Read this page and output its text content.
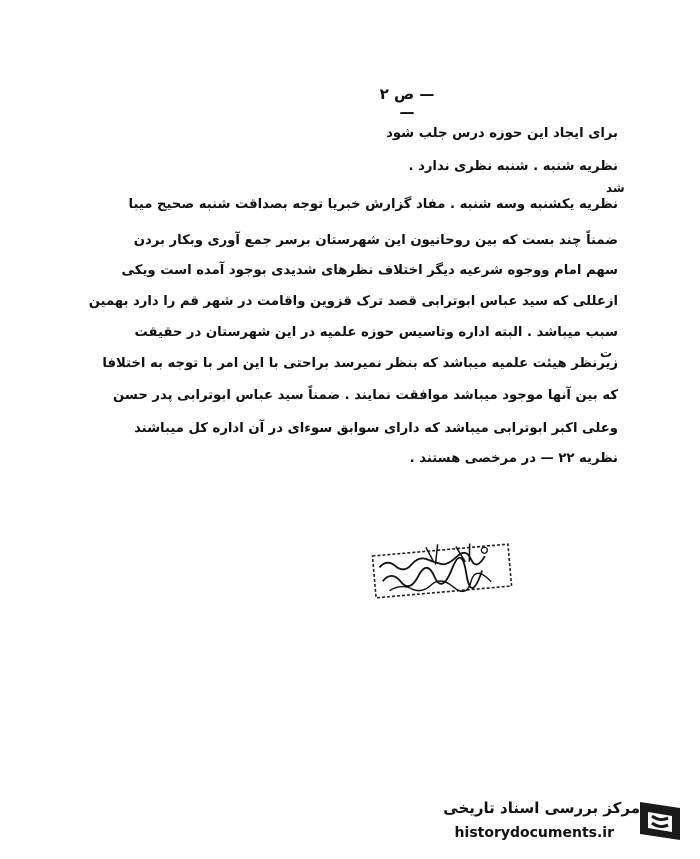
— ص ۲ —
برای ایجاد این حوزه درس جلب شود
نظریه شنبه . شنبه نظری ندارد .
نظریه یکشنبه وسه شنبه . مفاد گزارش خبریا توجه بصداقت شنبه صحیح میبا
ضمناً چند بست که بین روحانیون این شهرستان برسر جمع آوری وبکار بردن
سهم امام ووجوه شرعیه دیگر اختلاف نظرهای شدیدی بوجود آمده است ویکی
ازعللی که سید عباس ابوترابی قصد ترک قزوین واقامت در شهر قم را دارد بهمین
سبب میباشد . البته اداره وتاسیس حوزه علمیه در این شهرستان در حقیقت
زیرنظر هیئت علمیه میباشد که بنظر نمیرسد براحتی با این امر با توجه به اختلافا
که بین آنها موجود میباشد موافقت نمایند . ضمناً سید عباس ابوترابی پدر حسن
وعلی اکبر ابوترابی میباشد که دارای سوابق سوءای در آن اداره کل میباشند
نظریه ۲۲ — در مرخصی هستند .
شد
ت
مرکز بررسی اسناد تاریخی
historydocuments.ir
